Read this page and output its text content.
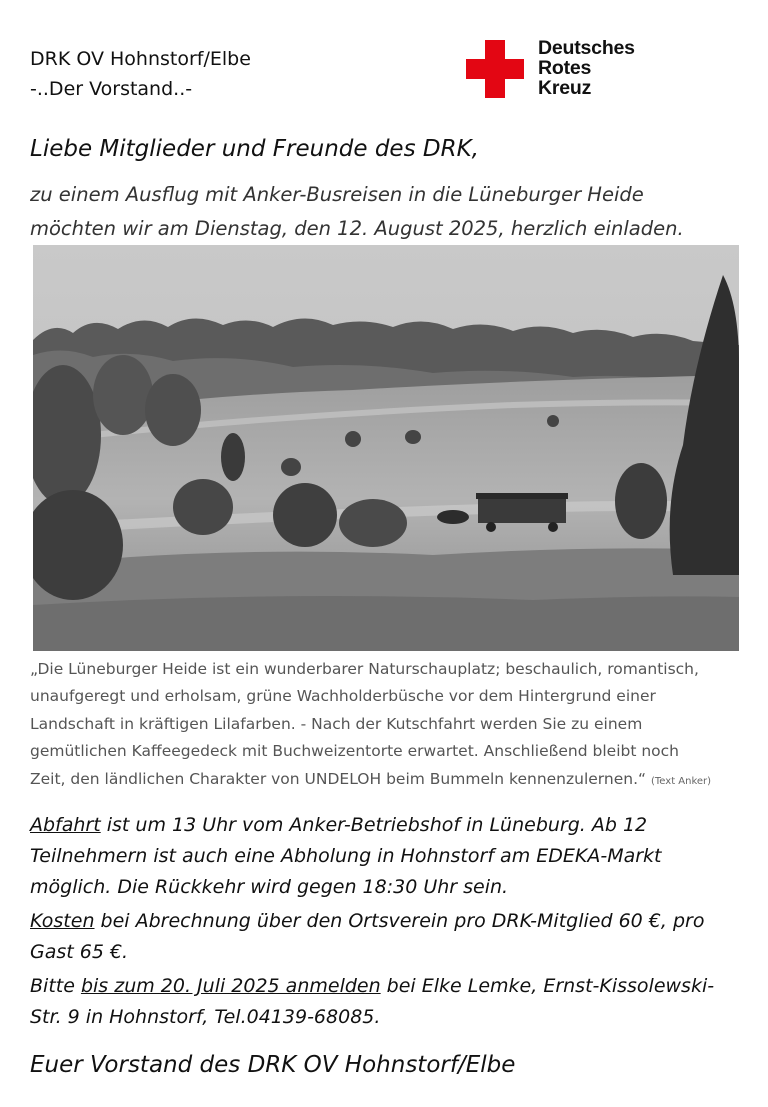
DRK OV Hohnstorf/Elbe
-..Der Vorstand..-
Deutsches
Rotes
Kreuz
Liebe Mitglieder und Freunde des DRK,
zu einem Ausflug mit Anker-Busreisen in die Lüneburger Heide
möchten wir am Dienstag, den 12. August 2025, herzlich einladen.
„Die Lüneburger Heide ist ein wunderbarer Naturschauplatz; beschaulich, romantisch,
unaufgeregt und erholsam, grüne Wachholderbüsche vor dem Hintergrund einer
Landschaft in kräftigen Lilafarben. - Nach der Kutschfahrt werden Sie zu einem
gemütlichen Kaffeegedeck mit Buchweizentorte erwartet. Anschließend bleibt noch
Zeit, den ländlichen Charakter von UNDELOH beim Bummeln kennenzulernen.“ (Text Anker)

Abfahrt ist um 13 Uhr vom Anker-Betriebshof in Lüneburg. Ab 12
Teilnehmern ist auch eine Abholung in Hohnstorf am EDEKA-Markt
möglich. Die Rückkehr wird gegen 18:30 Uhr sein.

Kosten bei Abrechnung über den Ortsverein pro DRK-Mitglied 60 €, pro
Gast 65 €.

Bitte bis zum 20. Juli 2025 anmelden bei Elke Lemke, Ernst-Kissolewski-
Str. 9 in Hohnstorf, Tel.04139-68085.

Euer Vorstand des DRK OV Hohnstorf/Elbe
